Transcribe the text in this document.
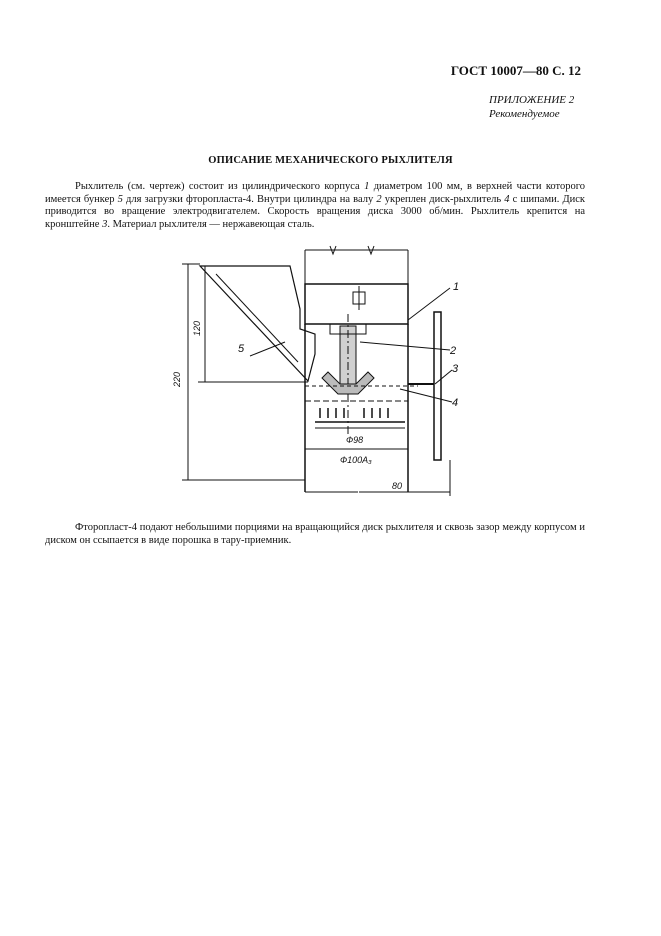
ГОСТ 10007—80 С. 12
ПРИЛОЖЕНИЕ 2
Рекомендуемое
ОПИСАНИЕ МЕХАНИЧЕСКОГО РЫХЛИТЕЛЯ
Рыхлитель (см. чертеж) состоит из цилиндрического корпуса 1 диаметром 100 мм, в верхней части которого имеется бункер 5 для загрузки фторопласта-4. Внутри цилиндра на валу 2 укреплен диск-рыхлитель 4 с шипами. Диск приводится во вращение электродвигателем. Скорость вращения диска 3000 об/мин. Рыхлитель крепится на кронштейне 3. Материал рыхлителя — нержавеющая сталь.
1
2
3
4
5
Ф98
Ф100А₃
80
220
120
Фторопласт-4 подают небольшими порциями на вращающийся диск рыхлителя и сквозь зазор между корпусом и диском он ссыпается в виде порошка в тару-приемник.
